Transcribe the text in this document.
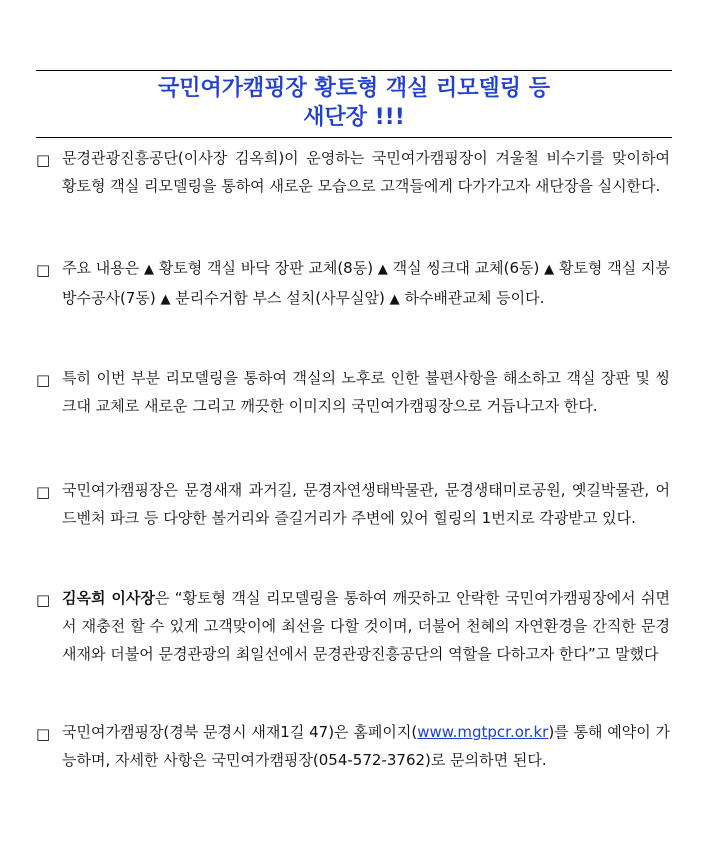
국민여가캠핑장 황토형 객실 리모델링 등
새단장 !!!

□ 문경관광진흥공단(이사장 김옥희)이 운영하는 국민여가캠핑장이 겨울철 비수기를 맞이하여 황토형 객실 리모델링을 통하여 새로운 모습으로 고객들에게 다가가고자 새단장을 실시한다.

□ 주요 내용은 ▲ 황토형 객실 바닥 장판 교체(8동) ▲ 객실 씽크대 교체(6동) ▲ 황토형 객실 지붕방수공사(7동) ▲ 분리수거함 부스 설치(사무실앞) ▲ 하수배관교체 등이다.

□ 특히 이번 부분 리모델링을 통하여 객실의 노후로 인한 불편사항을 해소하고 객실 장판 및 씽크대 교체로 새로운 그리고 깨끗한 이미지의 국민여가캠핑장으로 거듭나고자 한다.

□ 국민여가캠핑장은 문경새재 과거길, 문경자연생태박물관, 문경생태미로공원, 옛길박물관, 어드벤처 파크 등 다양한 볼거리와 즐길거리가 주변에 있어 힐링의 1번지로 각광받고 있다.

□ 김옥희 이사장은 “황토형 객실 리모델링을 통하여 깨끗하고 안락한 국민여가캠핑장에서 쉬면서 재충전 할 수 있게 고객맞이에 최선을 다할 것이며, 더불어 천혜의 자연환경을 간직한 문경새재와 더불어 문경관광의 최일선에서 문경관광진흥공단의 역할을 다하고자 한다”고 말했다

□ 국민여가캠핑장(경북 문경시 새재1길 47)은 홈페이지(www.mgtpcr.or.kr)를 통해 예약이 가능하며, 자세한 사항은 국민여가캠핑장(054-572-3762)로 문의하면 된다.
